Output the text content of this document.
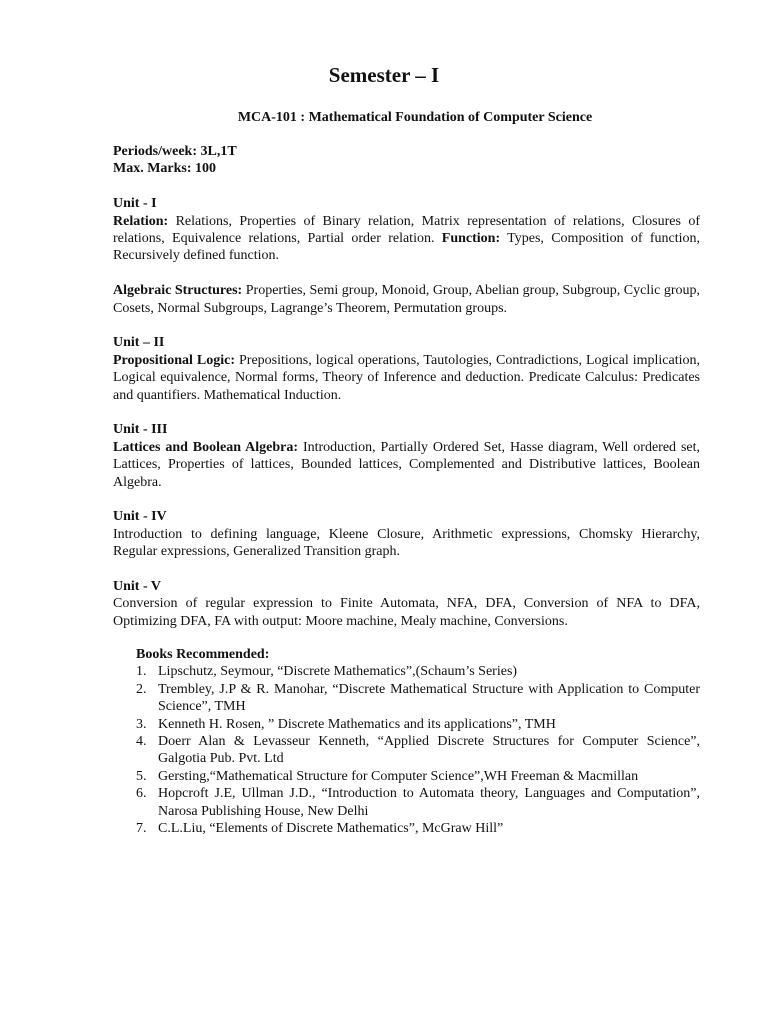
Semester – I
MCA-101 : Mathematical Foundation of Computer Science

Periods/week: 3L,1T

Max. Marks: 100

Unit - I

Relation: Relations, Properties of Binary relation, Matrix representation of relations, Closures of relations, Equivalence relations, Partial order relation. Function: Types, Composition of function, Recursively defined function.

Algebraic Structures: Properties, Semi group, Monoid, Group, Abelian group, Subgroup, Cyclic group, Cosets, Normal Subgroups, Lagrange’s Theorem, Permutation groups.

Unit – II

Propositional Logic: Prepositions, logical operations, Tautologies, Contradictions, Logical implication, Logical equivalence, Normal forms, Theory of Inference and deduction. Predicate Calculus: Predicates and quantifiers. Mathematical Induction.

Unit - III

Lattices and Boolean Algebra: Introduction, Partially Ordered Set, Hasse diagram, Well ordered set, Lattices, Properties of lattices, Bounded lattices, Complemented and Distributive lattices, Boolean Algebra.

Unit - IV

Introduction to defining language, Kleene Closure, Arithmetic expressions, Chomsky Hierarchy, Regular expressions, Generalized Transition graph.

Unit - V

Conversion of regular expression to Finite Automata, NFA, DFA, Conversion of NFA to DFA, Optimizing DFA, FA with output: Moore machine, Mealy machine, Conversions.

Books Recommended:

1. Lipschutz, Seymour, “Discrete Mathematics”,(Schaum’s Series)
2. Trembley, J.P & R. Manohar, “Discrete Mathematical Structure with Application to Computer Science”, TMH
3. Kenneth H. Rosen, ” Discrete Mathematics and its applications”, TMH
4. Doerr Alan & Levasseur Kenneth, “Applied Discrete Structures for Computer Science”, Galgotia Pub. Pvt. Ltd
5. Gersting,“Mathematical Structure for Computer Science”,WH Freeman & Macmillan
6. Hopcroft J.E, Ullman J.D., “Introduction to Automata theory, Languages and Computation”, Narosa Publishing House, New Delhi
7. C.L.Liu, “Elements of Discrete Mathematics”, McGraw Hill”
